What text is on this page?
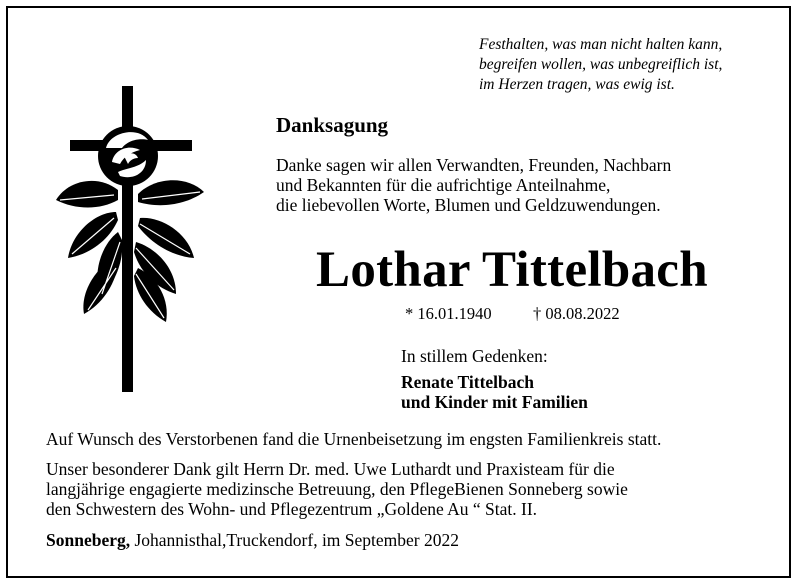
Festhalten, was man nicht halten kann,
begreifen wollen, was unbegreiflich ist,
im Herzen tragen, was ewig ist.
Danksagung
Danke sagen wir allen Verwandten, Freunden, Nachbarn
und Bekannten für die aufrichtige Anteilnahme,
die liebevollen Worte, Blumen und Geldzuwendungen.
Lothar Tittelbach
* 16.01.1940	† 08.08.2022
In stillem Gedenken:
Renate Tittelbach
und Kinder mit Familien
Auf Wunsch des Verstorbenen fand die Urnenbeisetzung im engsten Familienkreis statt.
Unser besonderer Dank gilt Herrn Dr. med. Uwe Luthardt und Praxisteam für die
langjährige engagierte medizinsche Betreuung, den PflegeBienen Sonneberg sowie
den Schwestern des Wohn- und Pflegezentrum „Goldene Au “ Stat. II.
Sonneberg, Johannisthal,Truckendorf, im September 2022
